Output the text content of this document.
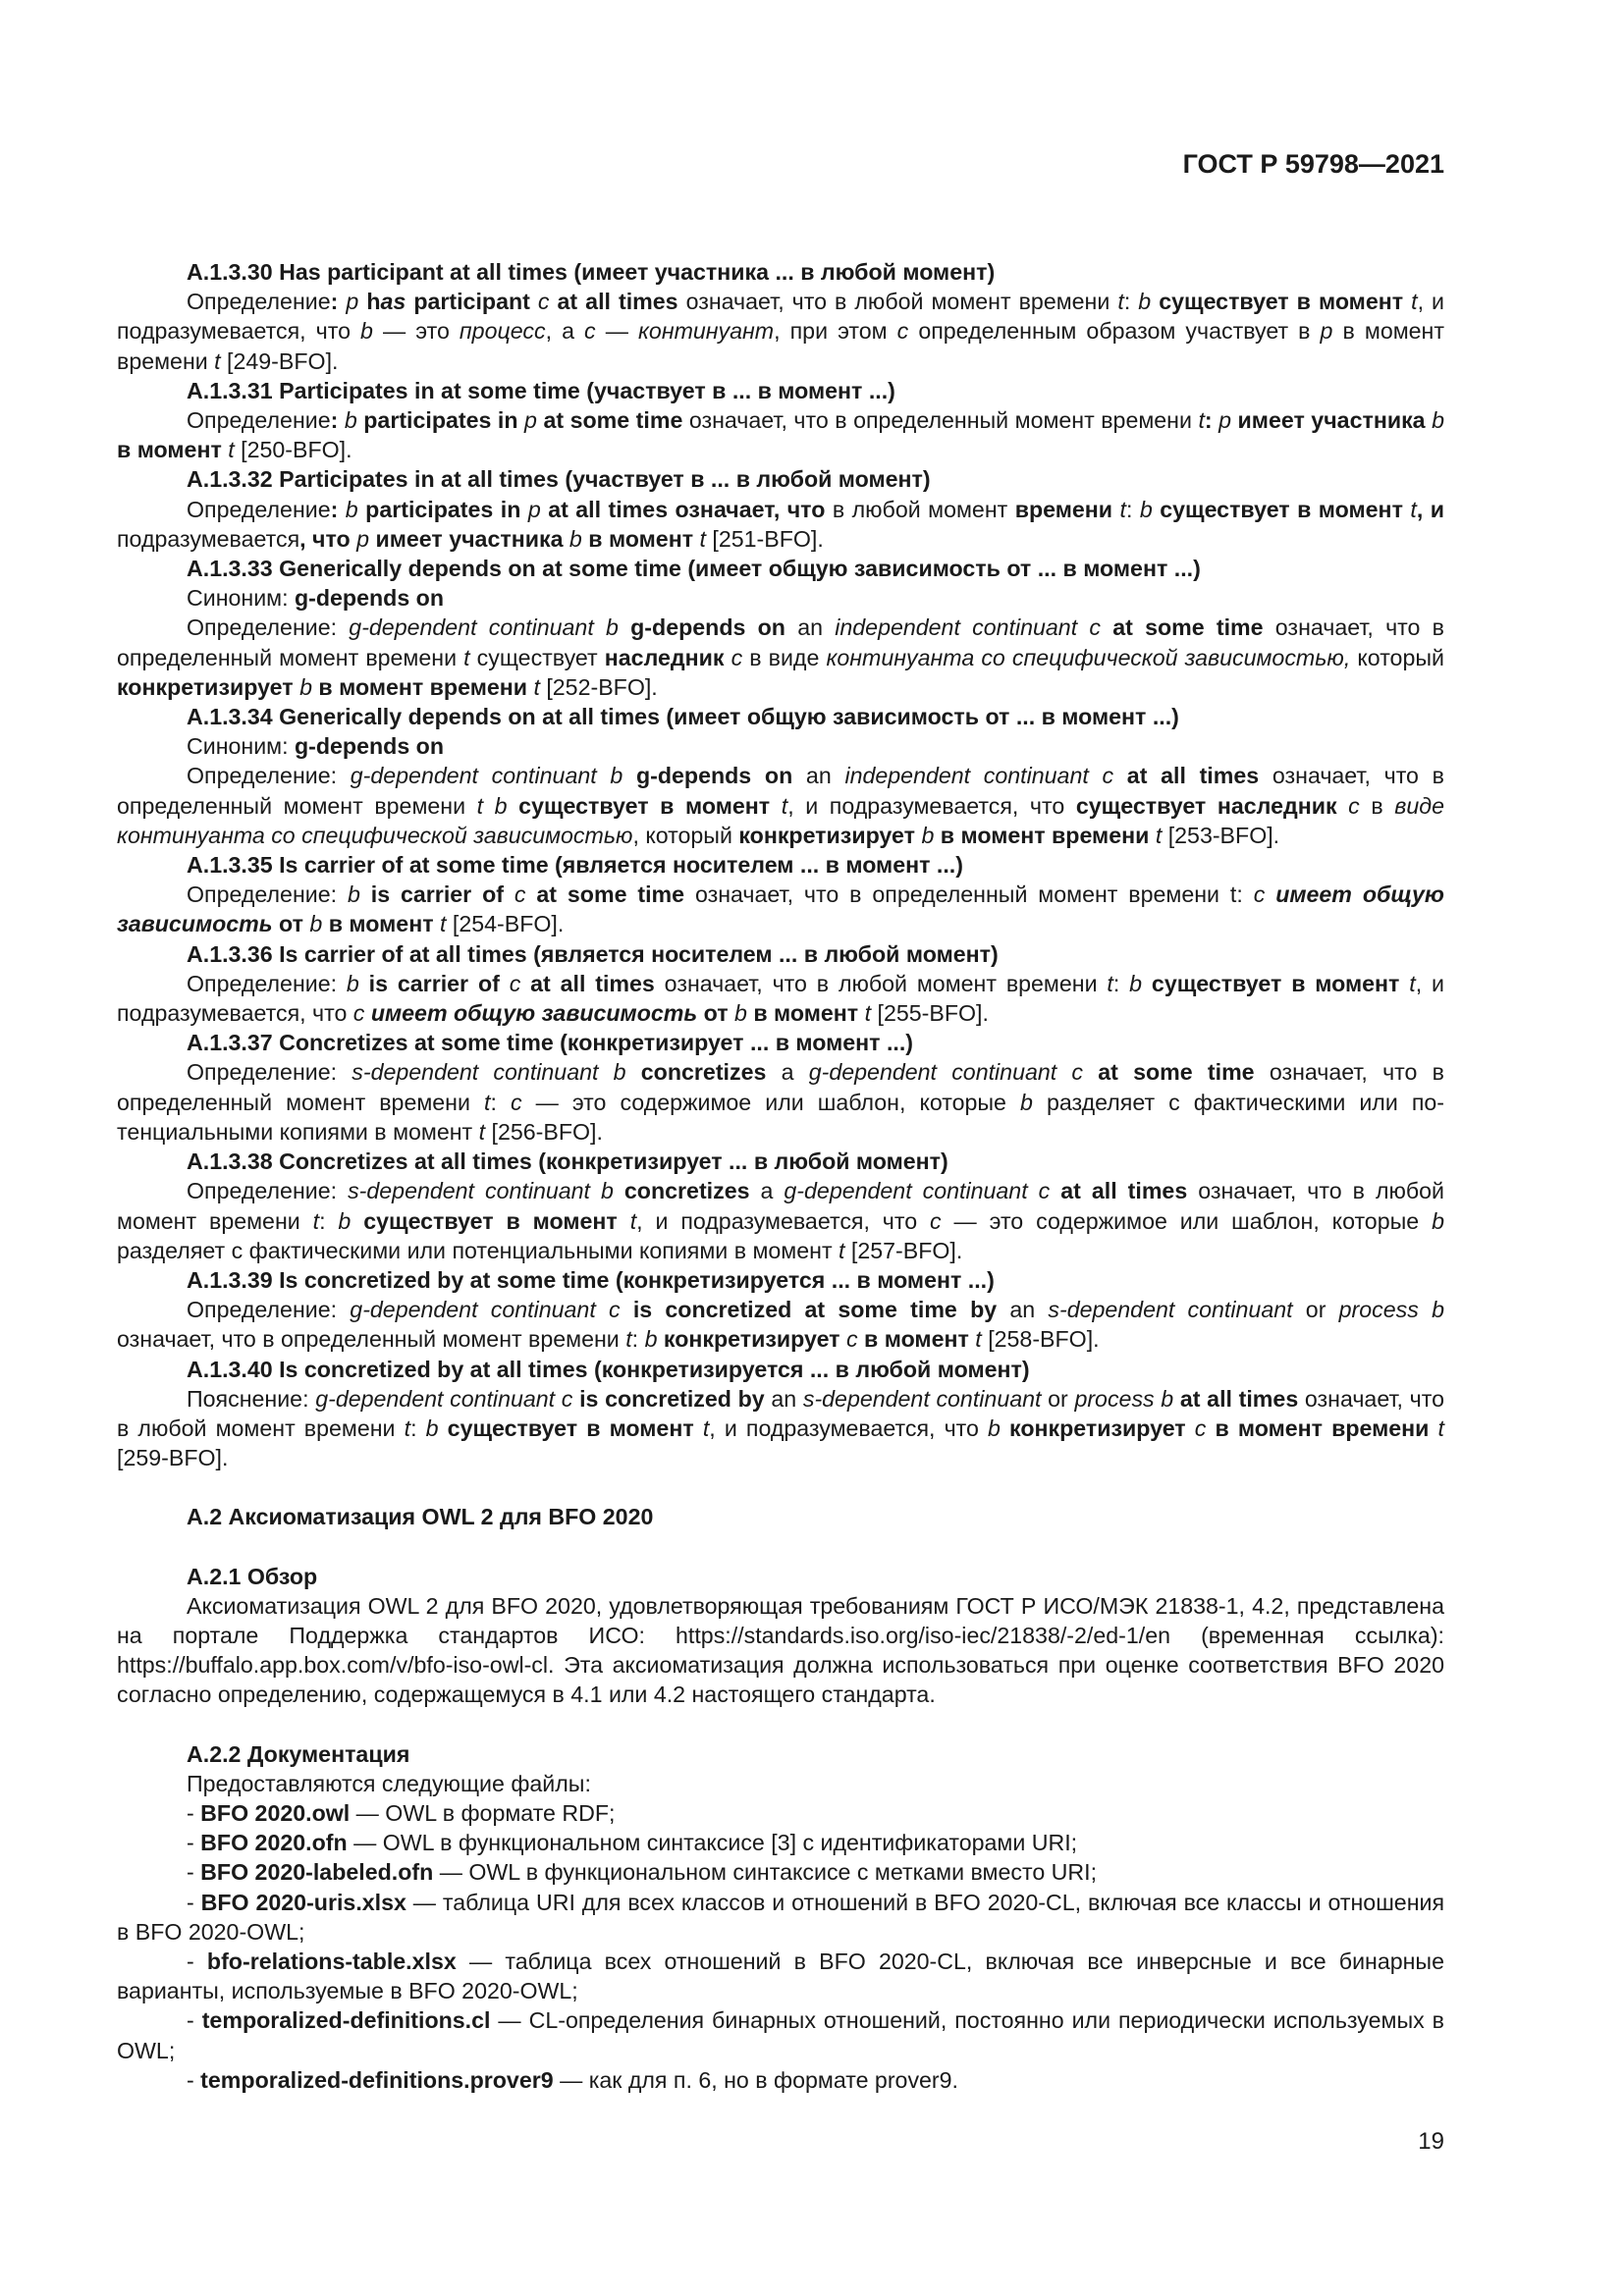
ГОСТ Р 59798—2021
А.1.3.30 Has participant at all times (имеет участника ... в любой момент)
Определение: p has participant c at all times означает, что в любой момент времени t: b существует в момент t, и подразумевается, что b — это процесс, а c — континуант, при этом c определенным образом участвует в p в момент времени t [249-BFO].
А.1.3.31 Participates in at some time (участвует в ... в момент ...)
Определение: b participates in p at some time означает, что в определенный момент времени t: p имеет участника b в момент t [250-BFO].
А.1.3.32 Participates in at all times (участвует в ... в любой момент)
Определение: b participates in p at all times означает, что в любой момент времени t: b существует в момент t, и подразумевается, что p имеет участника b в момент t [251-BFO].
А.1.3.33 Generically depends on at some time (имеет общую зависимость от ... в момент ...)
Синоним: g-depends on
Определение: g-dependent continuant b g-depends on an independent continuant c at some time означает, что в определенный момент времени t существует наследник c в виде континуанта со специфической зависимостью, который конкретизирует b в момент времени t [252-BFO].
А.1.3.34 Generically depends on at all times (имеет общую зависимость от ... в момент ...)
Синоним: g-depends on
Определение: g-dependent continuant b g-depends on an independent continuant c at all times означает, что в определенный момент времени t b существует в момент t, и подразумевается, что существует наследник c в виде континуанта со специфической зависимостью, который конкретизирует b в момент времени t [253-BFO].
А.1.3.35 Is carrier of at some time (является носителем ... в момент ...)
Определение: b is carrier of c at some time означает, что в определенный момент времени t: c имеет общую зависимость от b в момент t [254-BFO].
А.1.3.36 Is carrier of at all times (является носителем ... в любой момент)
Определение: b is carrier of c at all times означает, что в любой момент времени t: b существует в момент t, и подразумевается, что c имеет общую зависимость от b в момент t [255-BFO].
А.1.3.37 Concretizes at some time (конкретизирует ... в момент ...)
Определение: s-dependent continuant b concretizes a g-dependent continuant c at some time означает, что в определенный момент времени t: c — это содержимое или шаблон, которые b разделяет с фактическими или потенциальными копиями в момент t [256-BFO].
А.1.3.38 Concretizes at all times (конкретизирует ... в любой момент)
Определение: s-dependent continuant b concretizes a g-dependent continuant c at all times означает, что в любой момент времени t: b существует в момент t, и подразумевается, что c — это содержимое или шаблон, которые b разделяет с фактическими или потенциальными копиями в момент t [257-BFO].
А.1.3.39 Is concretized by at some time (конкретизируется ... в момент ...)
Определение: g-dependent continuant c is concretized at some time by an s-dependent continuant or process b означает, что в определенный момент времени t: b конкретизирует c в момент t [258-BFO].
А.1.3.40 Is concretized by at all times (конкретизируется ... в любой момент)
Пояснение: g-dependent continuant c is concretized by an s-dependent continuant or process b at all times означает, что в любой момент времени t: b существует в момент t, и подразумевается, что b конкретизирует c в момент времени t [259-BFO].
А.2 Аксиоматизация OWL 2 для BFO 2020
А.2.1 Обзор
Аксиоматизация OWL 2 для BFO 2020, удовлетворяющая требованиям ГОСТ Р ИСО/МЭК 21838-1, 4.2, представлена на портале Поддержка стандартов ИСО: https://standards.iso.org/iso-iec/21838/-2/ed-1/en (временная ссылка): https://buffalo.app.box.com/v/bfo-iso-owl-cl. Эта аксиоматизация должна использоваться при оценке соответствия BFO 2020 согласно определению, содержащемуся в 4.1 или 4.2 настоящего стандарта.
А.2.2 Документация
Предоставляются следующие файлы:
- BFO 2020.owl — OWL в формате RDF;
- BFO 2020.ofn — OWL в функциональном синтаксисе [3] с идентификаторами URI;
- BFO 2020-labeled.ofn — OWL в функциональном синтаксисе с метками вместо URI;
- BFO 2020-uris.xlsx — таблица URI для всех классов и отношений в BFO 2020-CL, включая все классы и отношения в BFO 2020-OWL;
- bfo-relations-table.xlsx — таблица всех отношений в BFO 2020-CL, включая все инверсные и все бинарные варианты, используемые в BFO 2020-OWL;
- temporalized-definitions.cl — CL-определения бинарных отношений, постоянно или периодически используемых в OWL;
- temporalized-definitions.prover9 — как для п. 6, но в формате prover9.
19
